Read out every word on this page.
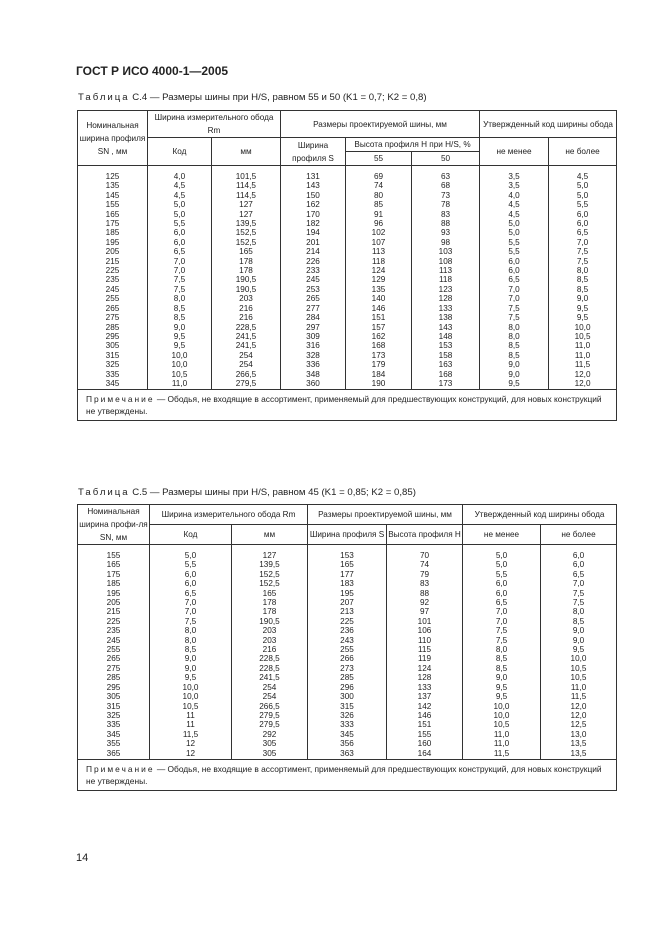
ГОСТ Р ИСО 4000-1—2005
Таблица С.4 — Размеры шины при H/S, равном 55 и 50 (K1 = 0,7; K2 = 0,8)
Номинальная ширина профиля SN , мм	Ширина измерительного обода Rm		Размеры проектируемой шины, мм			Утвержденный код ширины обода	
	Код	мм	Ширина профиля S	Высота профиля H при H/S, %		не менее	не более
				55	50		
125	4,0	101,5	131	69	63	3,5	4,5
135	4,5	114,5	143	74	68	3,5	5,0
145	4,5	114,5	150	80	73	4,0	5,0
155	5,0	127	162	85	78	4,5	5,5
165	5,0	127	170	91	83	4,5	6,0
175	5,5	139,5	182	96	88	5,0	6,0
185	6,0	152,5	194	102	93	5,0	6,5
195	6,0	152,5	201	107	98	5,5	7,0
205	6,5	165	214	113	103	5,5	7,5
215	7,0	178	226	118	108	6,0	7,5
225	7,0	178	233	124	113	6,0	8,0
235	7,5	190,5	245	129	118	6,5	8,5
245	7,5	190,5	253	135	123	7,0	8,5
255	8,0	203	265	140	128	7,0	9,0
265	8,5	216	277	146	133	7,5	9,5
275	8,5	216	284	151	138	7,5	9,5
285	9,0	228,5	297	157	143	8,0	10,0
295	9,5	241,5	309	162	148	8,0	10,5
305	9,5	241,5	316	168	153	8,5	11,0
315	10,0	254	328	173	158	8,5	11,0
325	10,0	254	336	179	163	9,0	11,5
335	10,5	266,5	348	184	168	9,0	12,0
345	11,0	279,5	360	190	173	9,5	12,0
Примечание — Ободья, не входящие в ассортимент, применяемый для предшествующих конструкций, для новых конструкций не утверждены.							
Таблица С.5 — Размеры шины при H/S, равном 45 (K1 = 0,85; K2 = 0,85)
Номинальная ширина профи-ля SN, мм	Ширина измерительного обода Rm		Размеры проектируемой шины, мм		Утвержденный код ширины обода	
	Код	мм	Ширина профиля S	Высота профиля H	не менее	не более
155	5,0	127	153	70	5,0	6,0
165	5,5	139,5	165	74	5,0	6,0
175	6,0	152,5	177	79	5,5	6,5
185	6,0	152,5	183	83	6,0	7,0
195	6,5	165	195	88	6,0	7,5
205	7,0	178	207	92	6,5	7,5
215	7,0	178	213	97	7,0	8,0
225	7,5	190,5	225	101	7,0	8,5
235	8,0	203	236	106	7,5	9,0
245	8,0	203	243	110	7,5	9,0
255	8,5	216	255	115	8,0	9,5
265	9,0	228,5	266	119	8,5	10,0
275	9,0	228,5	273	124	8,5	10,5
285	9,5	241,5	285	128	9,0	10,5
295	10,0	254	296	133	9,5	11,0
305	10,0	254	300	137	9,5	11,5
315	10,5	266,5	315	142	10,0	12,0
325	11	279,5	326	146	10,0	12,0
335	11	279,5	333	151	10,5	12,5
345	11,5	292	345	155	11,0	13,0
355	12	305	356	160	11,0	13,5
365	12	305	363	164	11,5	13,5
Примечание — Ободья, не входящие в ассортимент, применяемый для предшествующих конструкций, для новых конструкций не утверждены.						
14
